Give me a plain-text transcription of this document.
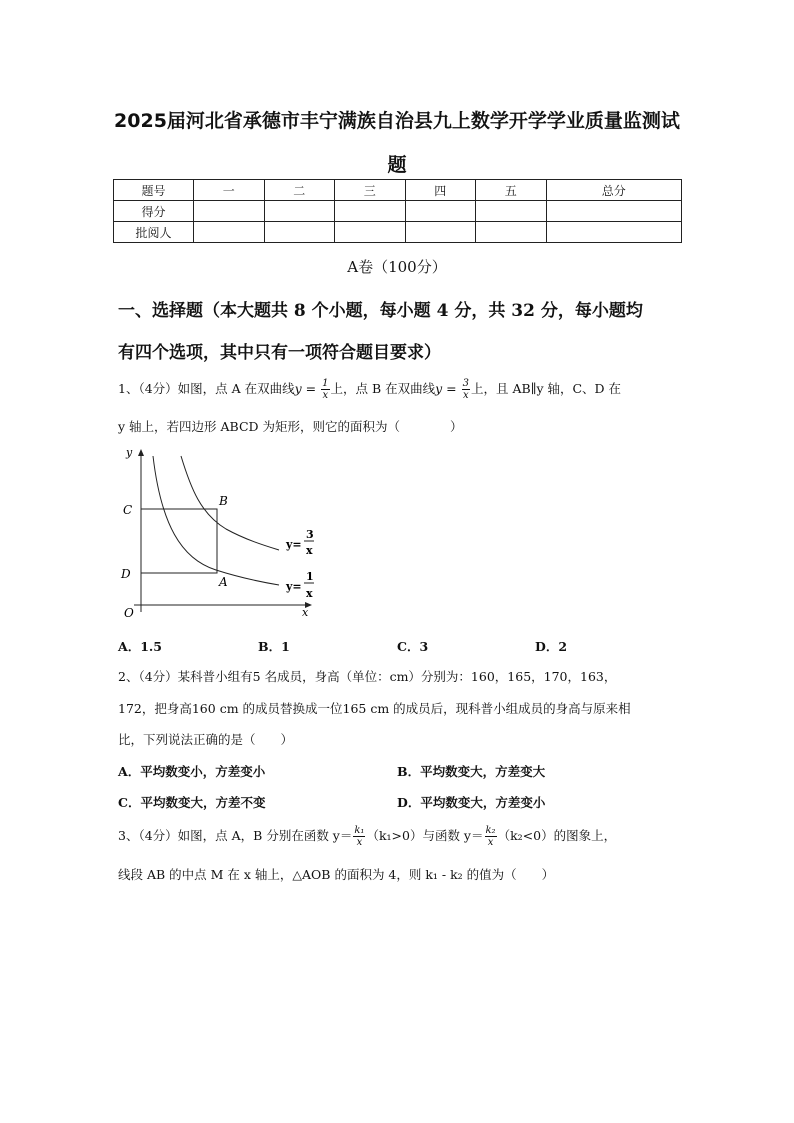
2025届河北省承德市丰宁满族自治县九上数学开学学业质量监测试
题
题号	一	二	三	四	五	总分
得分						
批阅人						
A卷（100分）
一、选择题（本大题共 8 个小题，每小题 4 分，共 32 分，每小题均
有四个选项，其中只有一项符合题目要求）
1、（4分）如图，点 A 在双曲线$y = \frac{1}{x}$ 上，点 B 在双曲线$y = \frac{3}{x}$ 上，且 AB∥y 轴，C、D 在
y 轴上，若四边形 ABCD 为矩形，则它的面积为（　　　　）
y
x
O
C
D
B
A
y=
3
x
y=
1
x
A．1.5	B．1	C．3	D．2
2、（4分）某科普小组有5 名成员，身高（单位：cm）分别为：160，165，170，163，
172，把身高160 cm 的成员替换成一位165 cm 的成员后，现科普小组成员的身高与原来相
比，下列说法正确的是（　　）
A．平均数变小，方差变小	B．平均数变大，方差变大
C．平均数变大，方差不变	D．平均数变大，方差变小
3、（4分）如图，点 A，B 分别在函数 $y= \frac{\text{k₁}}{x} (k_1>0)$与函数 $y= \frac{\text{k₂}}{x} (k_2<0)$的图象上，
线段 AB 的中点 M 在 x 轴上，△AOB 的面积为 4，则 k₁ - k₂ 的值为（　　）
